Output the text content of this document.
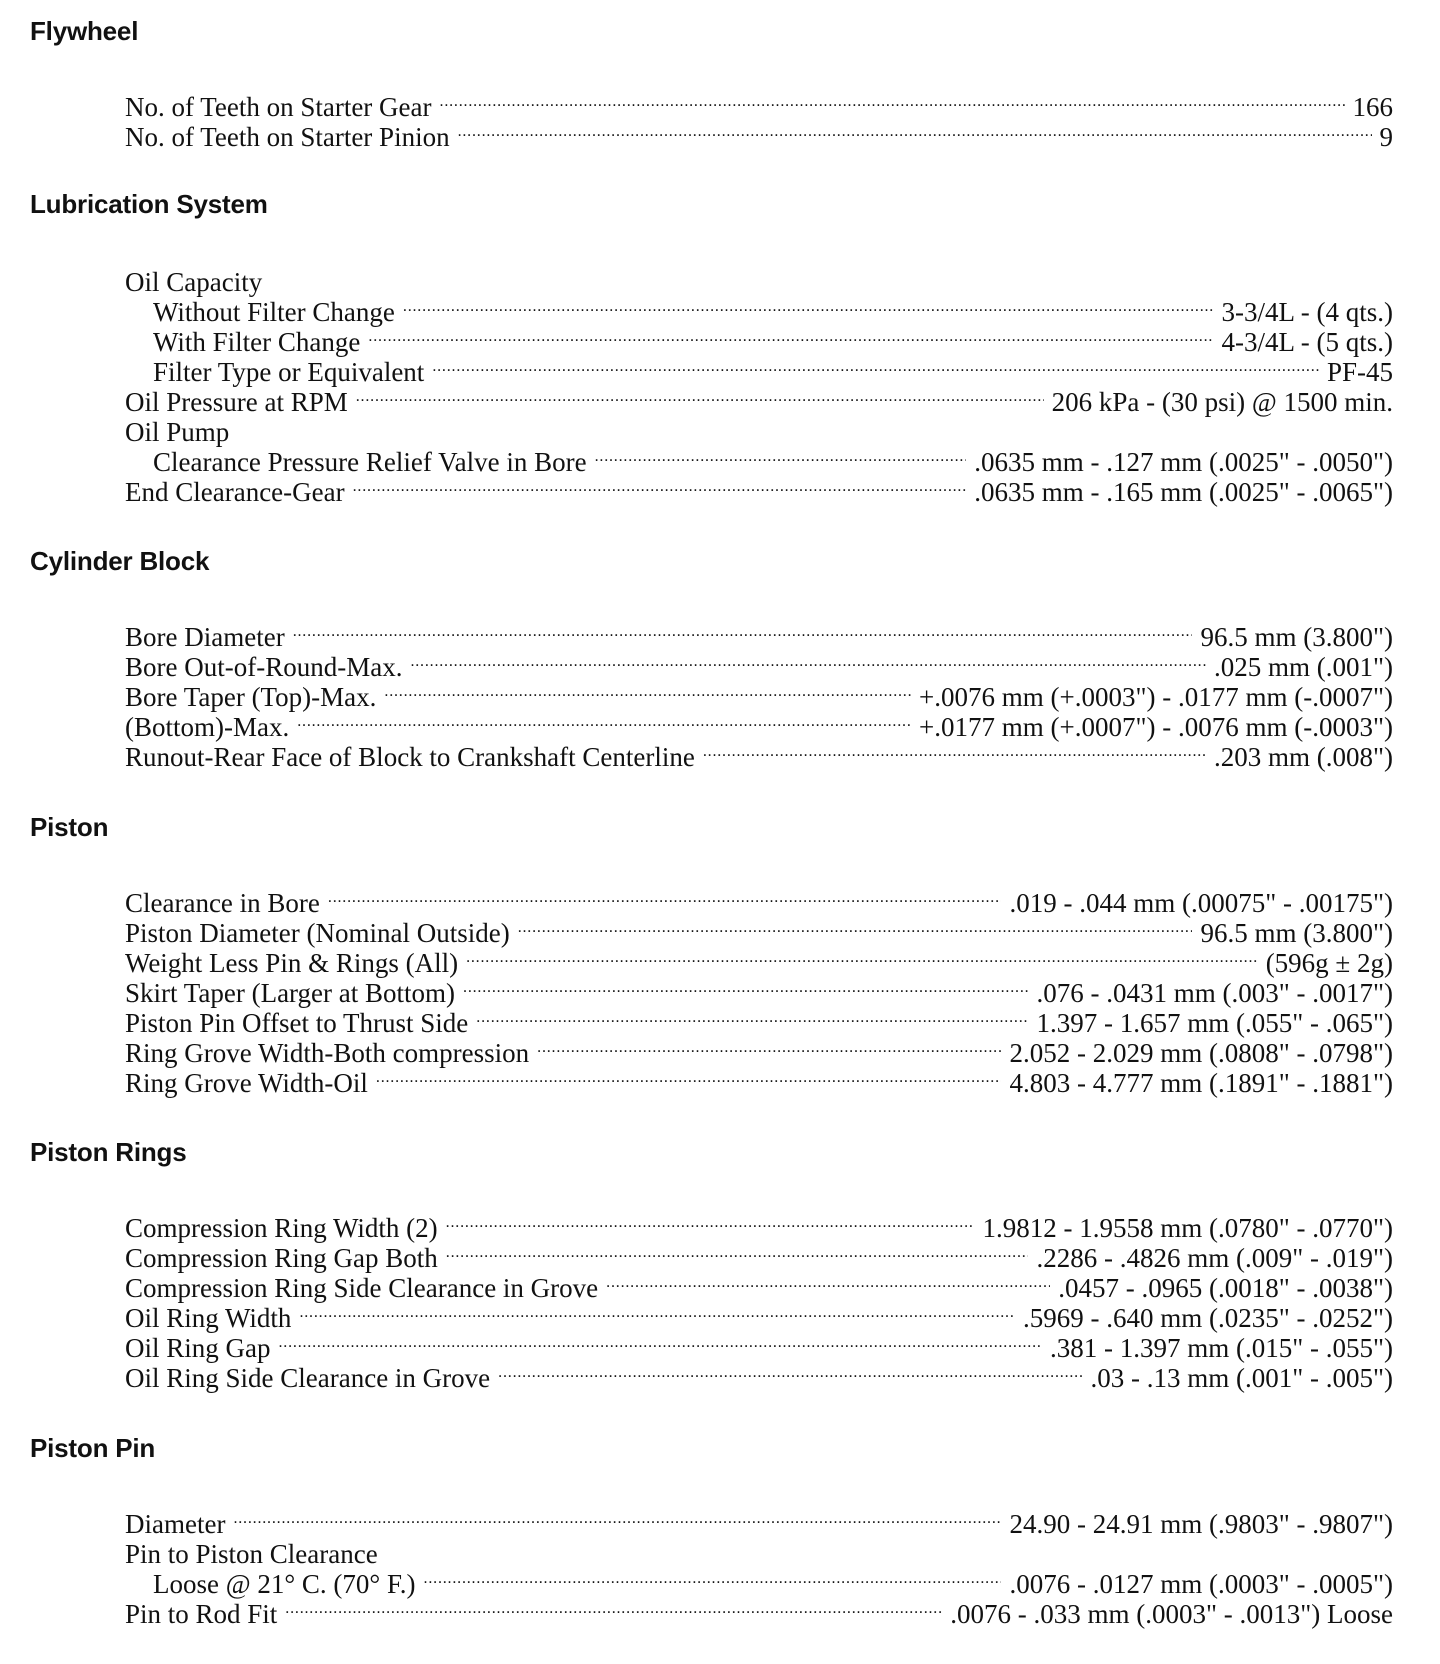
Flywheel
No. of Teeth on Starter Gear . . .	166
No. of Teeth on Starter Pinion . . .	9
Lubrication System
Oil Capacity
Without Filter Change . . .	3-3/4L - (4 qts.)
With Filter Change . . .	4-3/4L - (5 qts.)
Filter Type or Equivalent . . .	PF-45
Oil Pressure at RPM . . .	206 kPa - (30 psi) @ 1500 min.
Oil Pump
Clearance Pressure Relief Valve in Bore . . .	.0635 mm - .127 mm (.0025" - .0050")
End Clearance-Gear . . .	.0635 mm - .165 mm (.0025" - .0065")
Cylinder Block
Bore Diameter . . .	96.5 mm (3.800")
Bore Out-of-Round-Max. . . .	.025 mm (.001")
Bore Taper (Top)-Max. . . .	+.0076 mm (+.0003") - .0177 mm (-.0007")
(Bottom)-Max. . . .	+.0177 mm (+.0007") - .0076 mm (-.0003")
Runout-Rear Face of Block to Crankshaft Centerline . . .	.203 mm (.008")
Piston
Clearance in Bore . . .	.019 - .044 mm (.00075" - .00175")
Piston Diameter (Nominal Outside) . . .	96.5 mm (3.800")
Weight Less Pin & Rings (All) . . .	(596g ± 2g)
Skirt Taper (Larger at Bottom) . . .	.076 - .0431 mm (.003" - .0017")
Piston Pin Offset to Thrust Side . . .	1.397 - 1.657 mm (.055" - .065")
Ring Grove Width-Both compression . . .	2.052 - 2.029 mm (.0808" - .0798")
Ring Grove Width-Oil . . .	4.803 - 4.777 mm (.1891" - .1881")
Piston Rings
Compression Ring Width (2) . . .	1.9812 - 1.9558 mm (.0780" - .0770")
Compression Ring Gap Both . . .	.2286 - .4826 mm (.009" - .019")
Compression Ring Side Clearance in Grove . . .	.0457 - .0965 (.0018" - .0038")
Oil Ring Width . . .	.5969 - .640 mm (.0235" - .0252")
Oil Ring Gap . . .	.381 - 1.397 mm (.015" - .055")
Oil Ring Side Clearance in Grove . . .	.03 - .13 mm (.001" - .005")
Piston Pin
Diameter . . .	24.90 - 24.91 mm (.9803" - .9807")
Pin to Piston Clearance
Loose @ 21° C. (70° F.) . . .	.0076 - .0127 mm (.0003" - .0005")
Pin to Rod Fit . . .	.0076 - .033 mm (.0003" - .0013") Loose
